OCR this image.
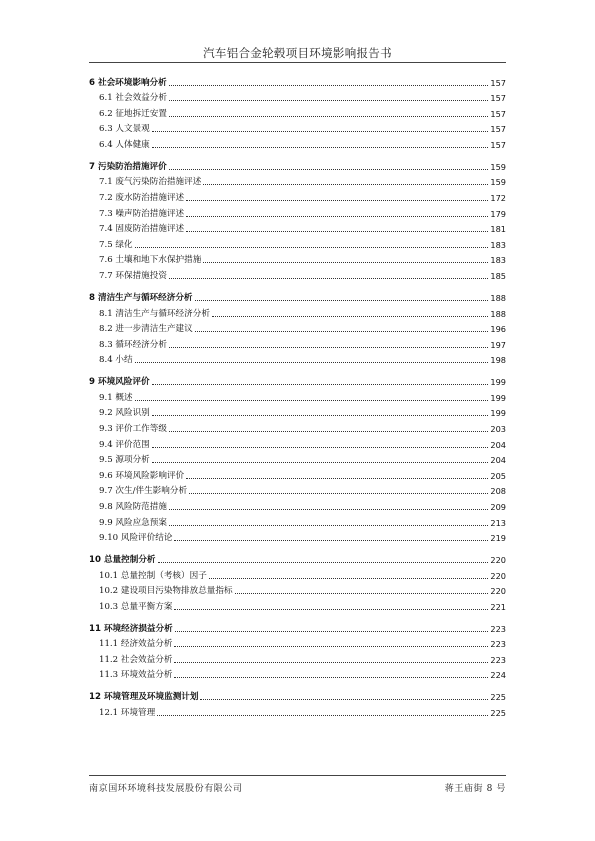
汽车铝合金轮毂项目环境影响报告书
6 社会环境影响分析	157
6.1 社会效益分析	157
6.2 征地拆迁安置	157
6.3 人文景观	157
6.4 人体健康	157
7 污染防治措施评价	159
7.1 废气污染防治措施评述	159
7.2 废水防治措施评述	172
7.3 噪声防治措施评述	179
7.4 固废防治措施评述	181
7.5 绿化	183
7.6 土壤和地下水保护措施	183
7.7 环保措施投资	185
8 清洁生产与循环经济分析	188
8.1 清洁生产与循环经济分析	188
8.2 进一步清洁生产建议	196
8.3 循环经济分析	197
8.4 小结	198
9 环境风险评价	199
9.1 概述	199
9.2 风险识别	199
9.3 评价工作等级	203
9.4 评价范围	204
9.5 源项分析	204
9.6 环境风险影响评价	205
9.7 次生/伴生影响分析	208
9.8 风险防范措施	209
9.9 风险应急预案	213
9.10 风险评价结论	219
10 总量控制分析	220
10.1 总量控制（考核）因子	220
10.2 建设项目污染物排放总量指标	220
10.3 总量平衡方案	221
11 环境经济损益分析	223
11.1 经济效益分析	223
11.2 社会效益分析	223
11.3 环境效益分析	224
12 环境管理及环境监测计划	225
12.1 环境管理	225
南京国环环境科技发展股份有限公司	蒋王庙街 8 号
